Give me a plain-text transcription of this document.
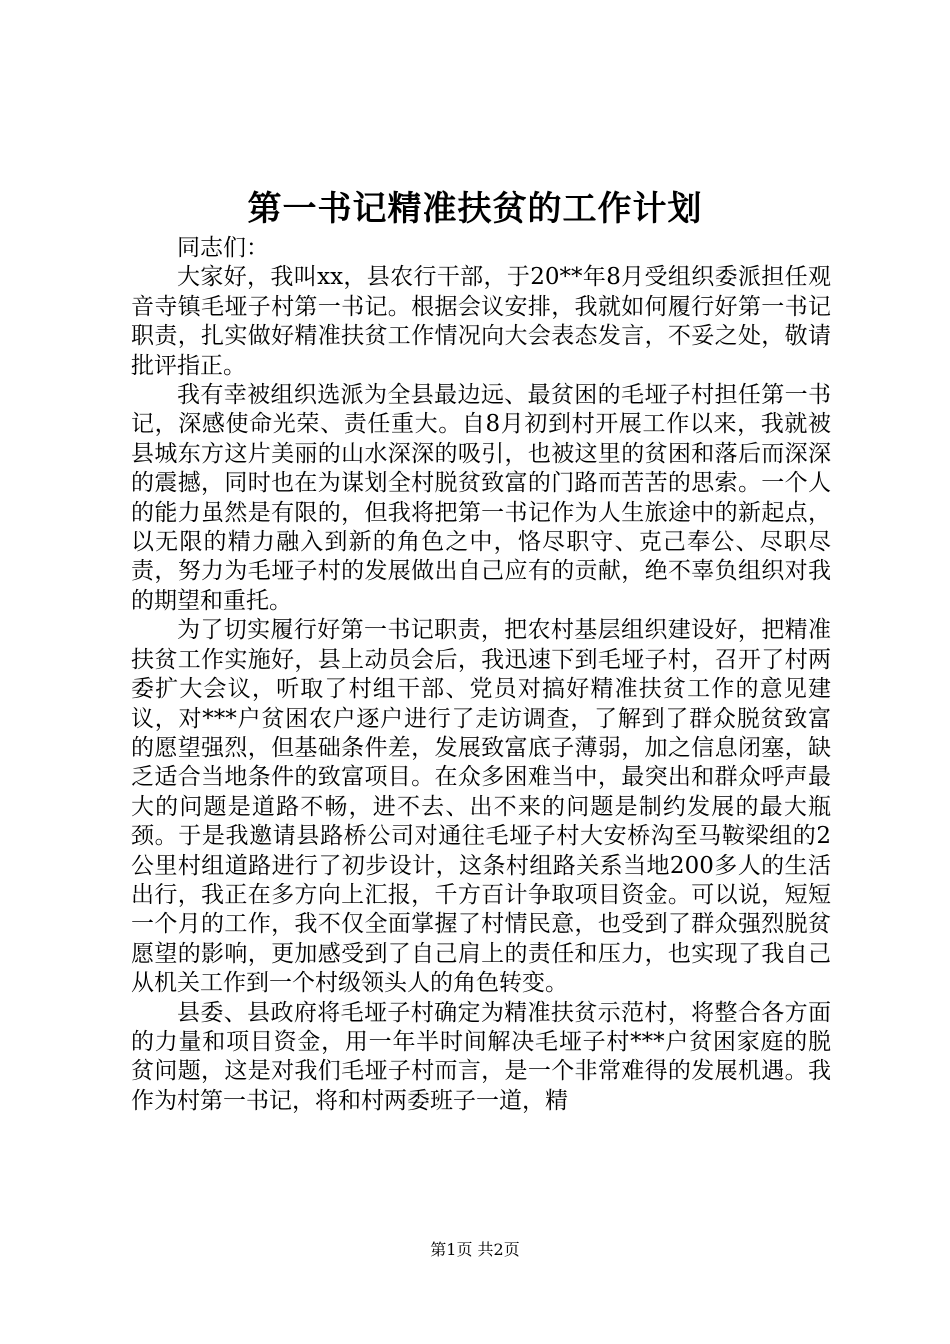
第一书记精准扶贫的工作计划

同志们：

大家好，我叫xx，县农行干部，于20**年8月受组织委派担任观音寺镇毛垭子村第一书记。根据会议安排，我就如何履行好第一书记职责，扎实做好精准扶贫工作情况向大会表态发言，不妥之处，敬请批评指正。

我有幸被组织选派为全县最边远、最贫困的毛垭子村担任第一书记，深感使命光荣、责任重大。自8月初到村开展工作以来，我就被县城东方这片美丽的山水深深的吸引，也被这里的贫困和落后而深深的震撼，同时也在为谋划全村脱贫致富的门路而苦苦的思索。一个人的能力虽然是有限的，但我将把第一书记作为人生旅途中的新起点，以无限的精力融入到新的角色之中，恪尽职守、克己奉公、尽职尽责，努力为毛垭子村的发展做出自己应有的贡献，绝不辜负组织对我的期望和重托。

为了切实履行好第一书记职责，把农村基层组织建设好，把精准扶贫工作实施好，县上动员会后，我迅速下到毛垭子村，召开了村两委扩大会议，听取了村组干部、党员对搞好精准扶贫工作的意见建议，对***户贫困农户逐户进行了走访调查，了解到了群众脱贫致富的愿望强烈，但基础条件差，发展致富底子薄弱，加之信息闭塞，缺乏适合当地条件的致富项目。在众多困难当中，最突出和群众呼声最大的问题是道路不畅，进不去、出不来的问题是制约发展的最大瓶颈。于是我邀请县路桥公司对通往毛垭子村大安桥沟至马鞍梁组的2公里村组道路进行了初步设计，这条村组路关系当地200多人的生活出行，我正在多方向上汇报，千方百计争取项目资金。可以说，短短一个月的工作，我不仅全面掌握了村情民意，也受到了群众强烈脱贫愿望的影响，更加感受到了自己肩上的责任和压力，也实现了我自己从机关工作到一个村级领头人的角色转变。

县委、县政府将毛垭子村确定为精准扶贫示范村，将整合各方面的力量和项目资金，用一年半时间解决毛垭子村***户贫困家庭的脱贫问题，这是对我们毛垭子村而言，是一个非常难得的发展机遇。我作为村第一书记，将和村两委班子一道，精

第1页 共2页
